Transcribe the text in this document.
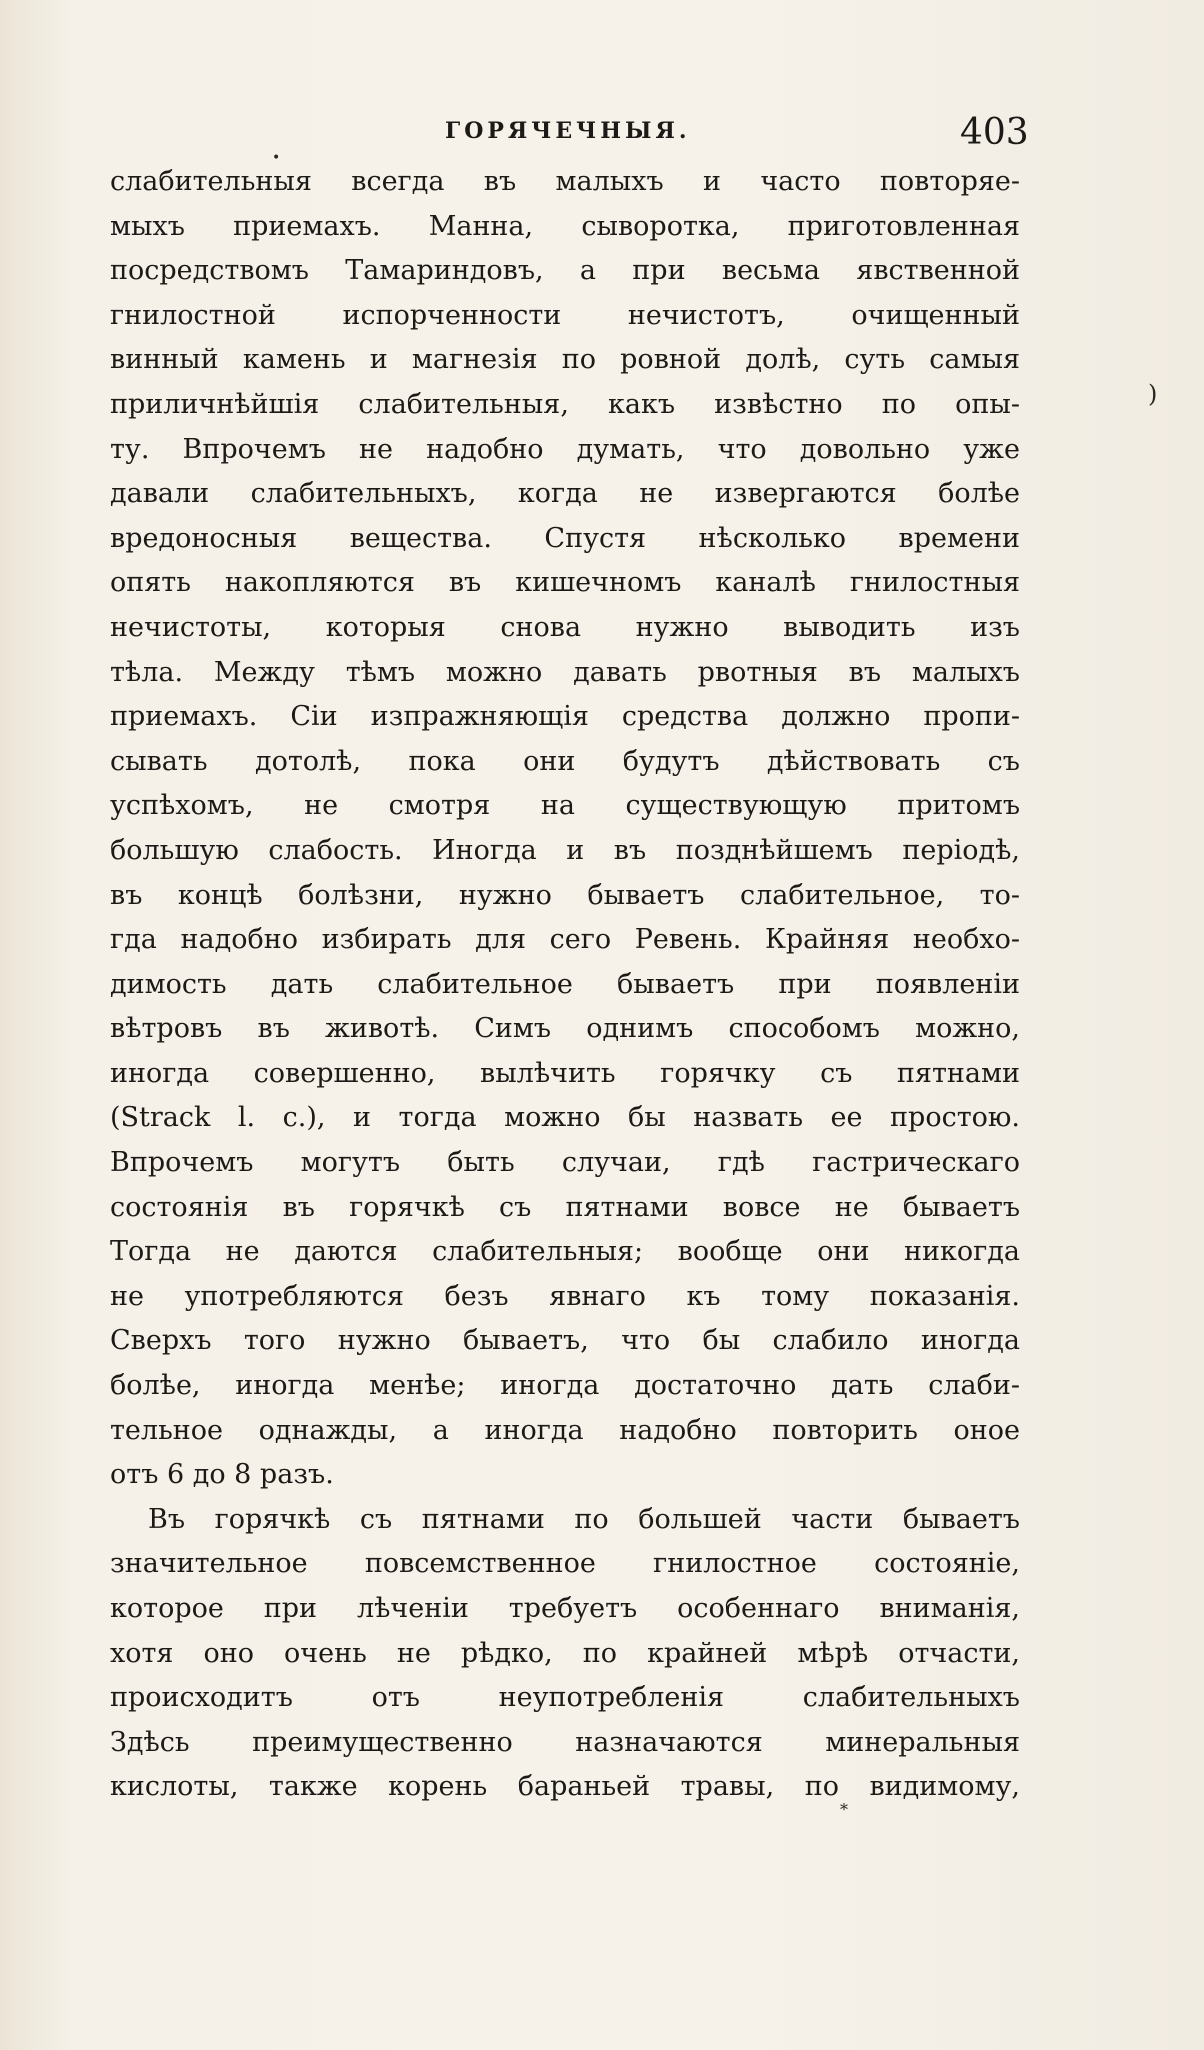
•
ГОРЯЧЕЧНЫЯ.	403
слабительныя всегда въ малыхъ и часто повторяе-
мыхъ приемахъ. Манна, сыворотка, приготовленная
посредствомъ Тамариндовъ, а при весьма явственной
гнилостной испорченности нечистотъ, очищенный
винный камень и магнезія по ровной долѣ, суть самыя
приличнѣйшія слабительныя, какъ извѣстно по опы-
ту. Впрочемъ не надобно думать, что довольно уже
давали слабительныхъ, когда не извергаются болѣе
вредоносныя вещества. Спустя нѣсколько времени
опять накопляются въ кишечномъ каналѣ гнилостныя
нечистоты, которыя снова нужно выводить изъ
тѣла. Между тѣмъ можно давать рвотныя въ малыхъ
приемахъ. Сіи изпражняющія средства должно пропи-
сывать дотолѣ, пока они будутъ дѣйствовать съ
успѣхомъ, не смотря на существующую притомъ
большую слабость. Иногда и въ позднѣйшемъ періодѣ,
въ концѣ болѣзни, нужно бываетъ слабительное, то-
гда надобно избирать для сего Ревень. Крайняя необхо-
димость дать слабительное бываетъ при появленіи
вѣтровъ въ животѣ. Симъ однимъ способомъ можно,
иногда совершенно, вылѣчить горячку съ пятнами
(Strack l. c.), и тогда можно бы назвать ее простою.
Впрочемъ могутъ быть случаи, гдѣ гастрическаго
состоянія въ горячкѣ съ пятнами вовсе не бываетъ
Тогда не даются слабительныя; вообще они никогда
не употребляются безъ явнаго къ тому показанія.
Сверхъ того нужно бываетъ, что бы слабило иногда
болѣе, иногда менѣе; иногда достаточно дать слаби-
тельное однажды, а иногда надобно повторить оное
отъ 6 до 8 разъ.
Въ горячкѣ съ пятнами по большей части бываетъ
значительное повсемственное гнилостное состояніе,
которое при лѣченіи требуетъ особеннаго вниманія,
хотя оно очень не рѣдко, по крайней мѣрѣ отчасти,
происходитъ отъ неупотребленія слабительныхъ
Здѣсь преимущественно назначаются минеральныя
кислоты, также корень бараньей травы, по видимому,
)
*
